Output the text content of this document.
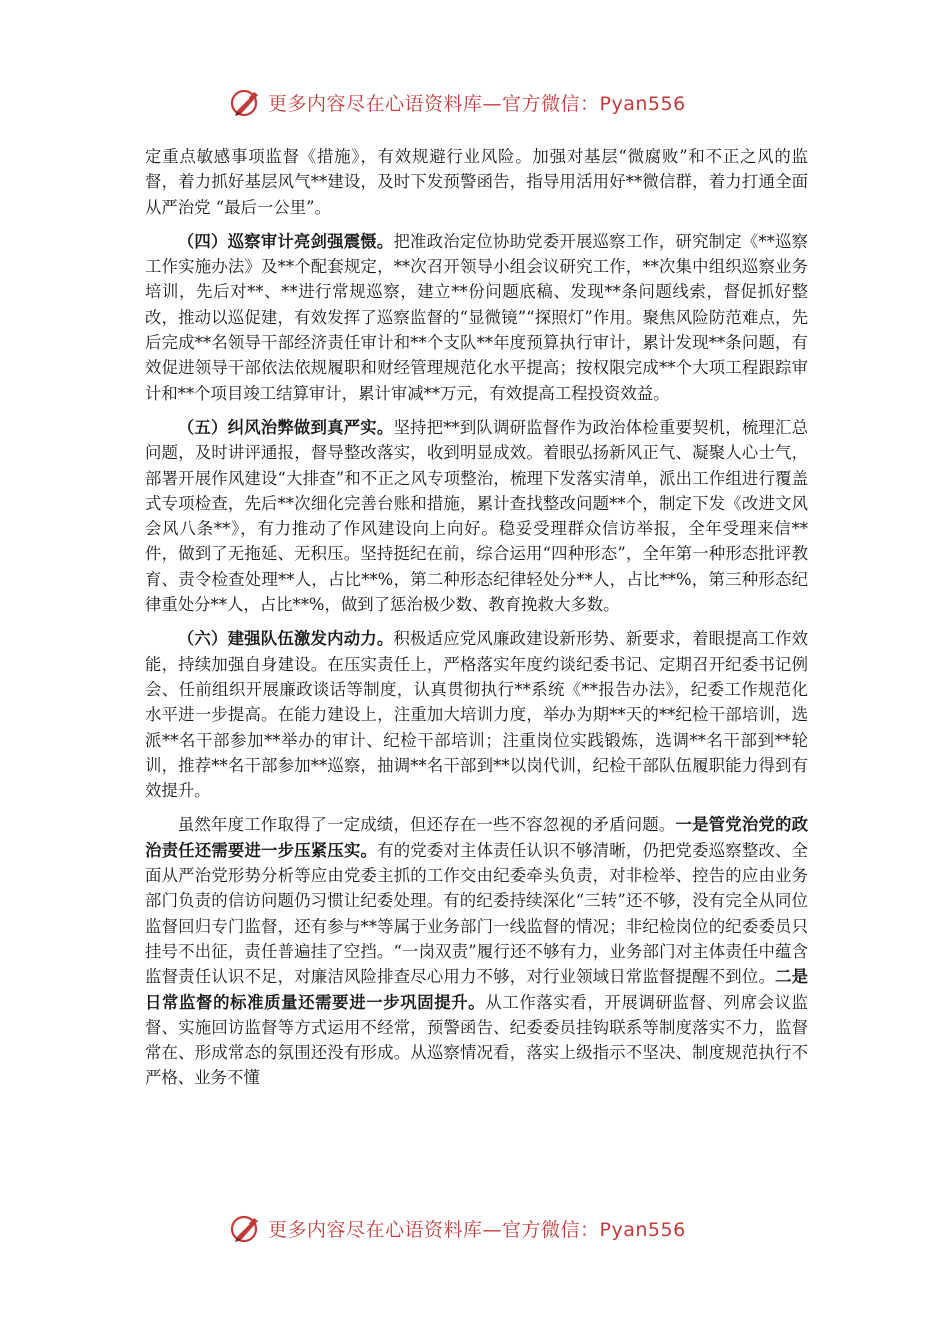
更多内容尽在心语资料库—官方微信：Pyan556

定重点敏感事项监督《措施》，有效规避行业风险。加强对基层“微腐败”和不正之风的监督，着力抓好基层风气**建设，及时下发预警函告，指导用活用好**微信群，着力打通全面从严治党 “最后一公里”。

（四）巡察审计亮剑强震慑。把准政治定位协助党委开展巡察工作，研究制定《**巡察工作实施办法》及**个配套规定，**次召开领导小组会议研究工作，**次集中组织巡察业务培训，先后对**、**进行常规巡察，建立**份问题底稿、发现**条问题线索，督促抓好整改，推动以巡促建，有效发挥了巡察监督的“显微镜”“探照灯”作用。聚焦风险防范难点，先后完成**名领导干部经济责任审计和**个支队**年度预算执行审计，累计发现**条问题，有效促进领导干部依法依规履职和财经管理规范化水平提高；按权限完成**个大项工程跟踪审计和**个项目竣工结算审计，累计审减**万元，有效提高工程投资效益。

（五）纠风治弊做到真严实。坚持把**到队调研监督作为政治体检重要契机，梳理汇总问题，及时讲评通报，督导整改落实，收到明显成效。着眼弘扬新风正气、凝聚人心士气，部署开展作风建设“大排查”和不正之风专项整治，梳理下发落实清单，派出工作组进行覆盖式专项检查，先后**次细化完善台账和措施，累计查找整改问题**个，制定下发《改进文风会风八条**》，有力推动了作风建设向上向好。稳妥受理群众信访举报，全年受理来信**件，做到了无拖延、无积压。坚持挺纪在前，综合运用“四种形态”，全年第一种形态批评教育、责令检查处理**人，占比**%，第二种形态纪律轻处分**人，占比**%，第三种形态纪律重处分**人，占比**%，做到了惩治极少数、教育挽救大多数。

（六）建强队伍激发内动力。积极适应党风廉政建设新形势、新要求，着眼提高工作效能，持续加强自身建设。在压实责任上，严格落实年度约谈纪委书记、定期召开纪委书记例会、任前组织开展廉政谈话等制度，认真贯彻执行**系统《**报告办法》，纪委工作规范化水平进一步提高。在能力建设上，注重加大培训力度，举办为期**天的**纪检干部培训，选派**名干部参加**举办的审计、纪检干部培训；注重岗位实践锻炼，选调**名干部到**轮训，推荐**名干部参加**巡察，抽调**名干部到**以岗代训，纪检干部队伍履职能力得到有效提升。

虽然年度工作取得了一定成绩，但还存在一些不容忽视的矛盾问题。一是管党治党的政治责任还需要进一步压紧压实。有的党委对主体责任认识不够清晰，仍把党委巡察整改、全面从严治党形势分析等应由党委主抓的工作交由纪委牵头负责，对非检举、控告的应由业务部门负责的信访问题仍习惯让纪委处理。有的纪委持续深化“三转”还不够，没有完全从同位监督回归专门监督，还有参与**等属于业务部门一线监督的情况；非纪检岗位的纪委委员只挂号不出征，责任普遍挂了空挡。“一岗双责”履行还不够有力，业务部门对主体责任中蕴含监督责任认识不足，对廉洁风险排查尽心用力不够，对行业领域日常监督提醒不到位。二是日常监督的标准质量还需要进一步巩固提升。从工作落实看，开展调研监督、列席会议监督、实施回访监督等方式运用不经常，预警函告、纪委委员挂钩联系等制度落实不力，监督常在、形成常态的氛围还没有形成。从巡察情况看，落实上级指示不坚决、制度规范执行不严格、业务不懂

更多内容尽在心语资料库—官方微信：Pyan556
